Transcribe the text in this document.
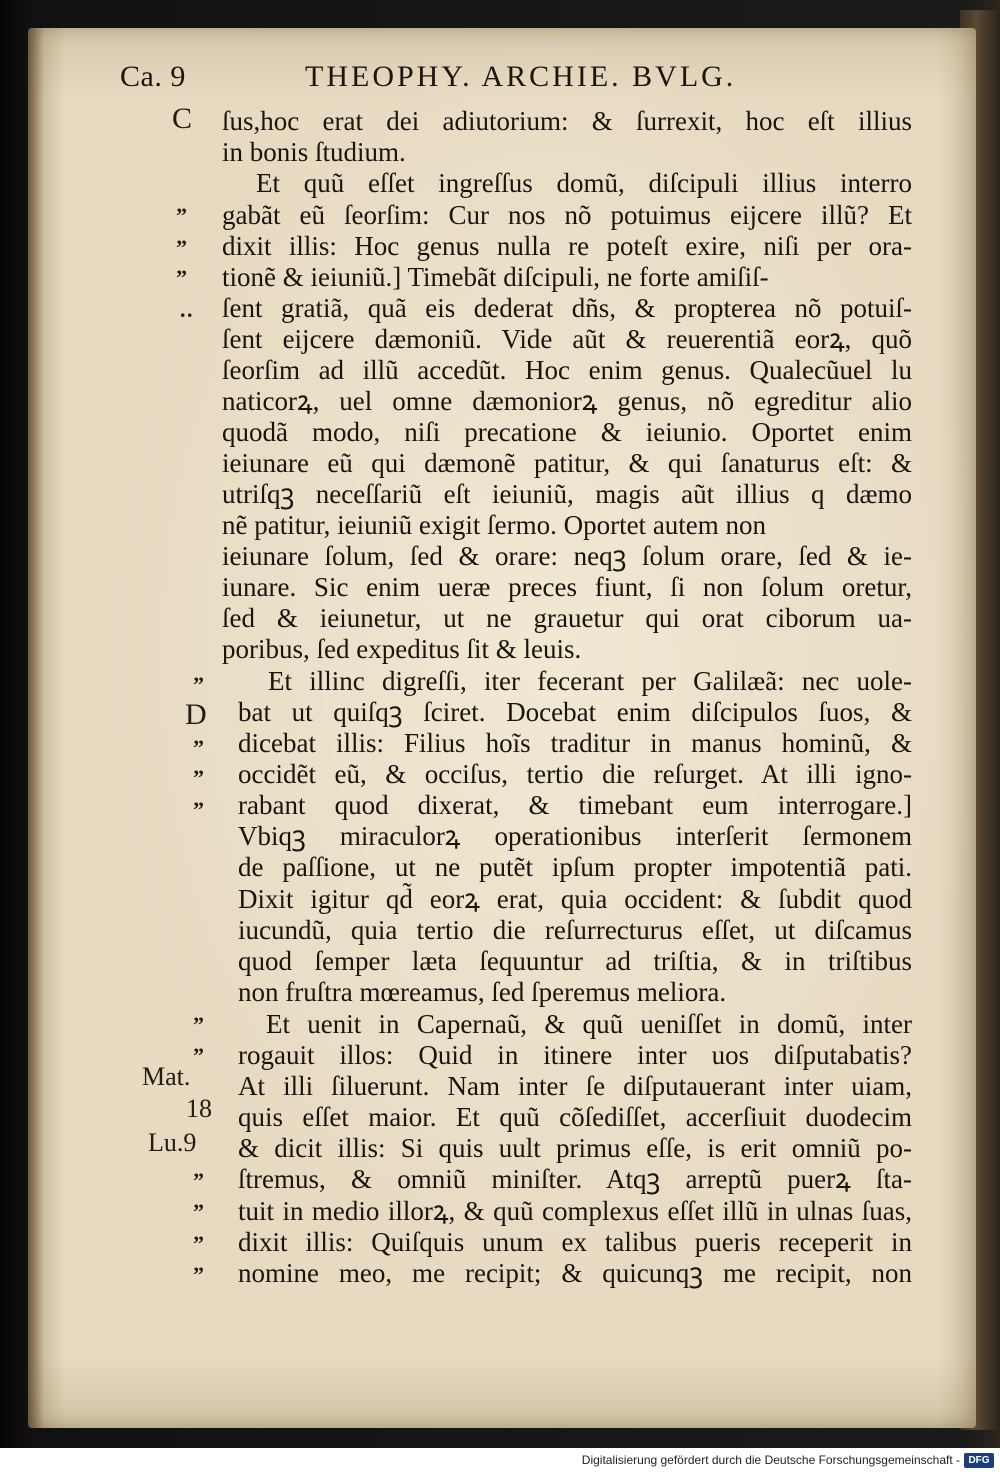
Ca. 9	THEOPHY. ARCHIE. BVLG.
C
”
”
”
. .
”
D
”
”
”
”
”
Mat.
18
Lu.9
”
”
”
”
ſus,hoc erat dei adiutorium: & ſurrexit, hoc eſt illius
in bonis ſtudium.
Et quũ eſſet ingreſſus domũ, diſcipuli illius interro
gabãt eũ ſeorſim: Cur nos nõ potuimus eijcere illũ? Et
dixit illis: Hoc genus nulla re poteſt exire, niſi per ora-
tionẽ & ieiuniũ.] Timebãt diſcipuli, ne forte amiſiſ-
ſent gratiã, quã eis dederat dñs, & propterea nõ potuiſ-
ſent eijcere dæmoniũ. Vide aũt & reuerentiã eorꝝ, quõ
ſeorſim ad illũ accedũt. Hoc enim genus. Qualecũuel lu
naticorꝝ, uel omne dæmoniorꝝ genus, nõ egreditur alio
quodã modo, niſi precatione & ieiunio. Oportet enim
ieiunare eũ qui dæmonẽ patitur, & qui ſanaturus eſt: &
utriſqꝫ neceſſariũ eſt ieiuniũ, magis aũt illius q dæmo
nẽ patitur, ieiuniũ exigit ſermo. Oportet autem non
ieiunare ſolum, ſed & orare: neqꝫ ſolum orare, ſed & ie-
iunare. Sic enim ueræ preces fiunt, ſi non ſolum oretur,
ſed & ieiunetur, ut ne grauetur qui orat ciborum ua-
poribus, ſed expeditus ſit & leuis.
Et illinc digreſſi, iter fecerant per Galilæã: nec uole-
bat ut quiſqꝫ ſciret. Docebat enim diſcipulos ſuos, &
dicebat illis: Filius hoĩs traditur in manus hominũ, &
occidẽt eũ, & occiſus, tertio die reſurget. At illi igno-
rabant quod dixerat, & timebant eum interrogare.]
Vbiqꝫ miraculorꝝ operationibus interſerit ſermonem
de paſſione, ut ne putẽt ipſum propter impotentiã pati.
Dixit igitur qd̃ eorꝝ erat, quia occident: & ſubdit quod
iucundũ, quia tertio die reſurrecturus eſſet, ut diſcamus
quod ſemper læta ſequuntur ad triſtia, & in triſtibus
non fruſtra mœreamus, ſed ſperemus meliora.
Et uenit in Capernaũ, & quũ ueniſſet in domũ, inter
rogauit illos: Quid in itinere inter uos diſputabatis?
At illi ſiluerunt. Nam inter ſe diſputauerant inter uiam,
quis eſſet maior. Et quũ cõſediſſet, accerſiuit duodecim
& dicit illis: Si quis uult primus eſſe, is erit omniũ po-
ſtremus, & omniũ miniſter. Atqꝫ arreptũ puerꝝ ſta-
tuit in medio illorꝝ, & quũ complexus eſſet illũ in ulnas ſuas,
dixit illis: Quiſquis unum ex talibus pueris receperit in
nomine meo, me recipit; & quicunqꝫ me recipit, non
Digitalisierung gefördert durch die Deutsche Forschungsgemeinschaft - DFG
